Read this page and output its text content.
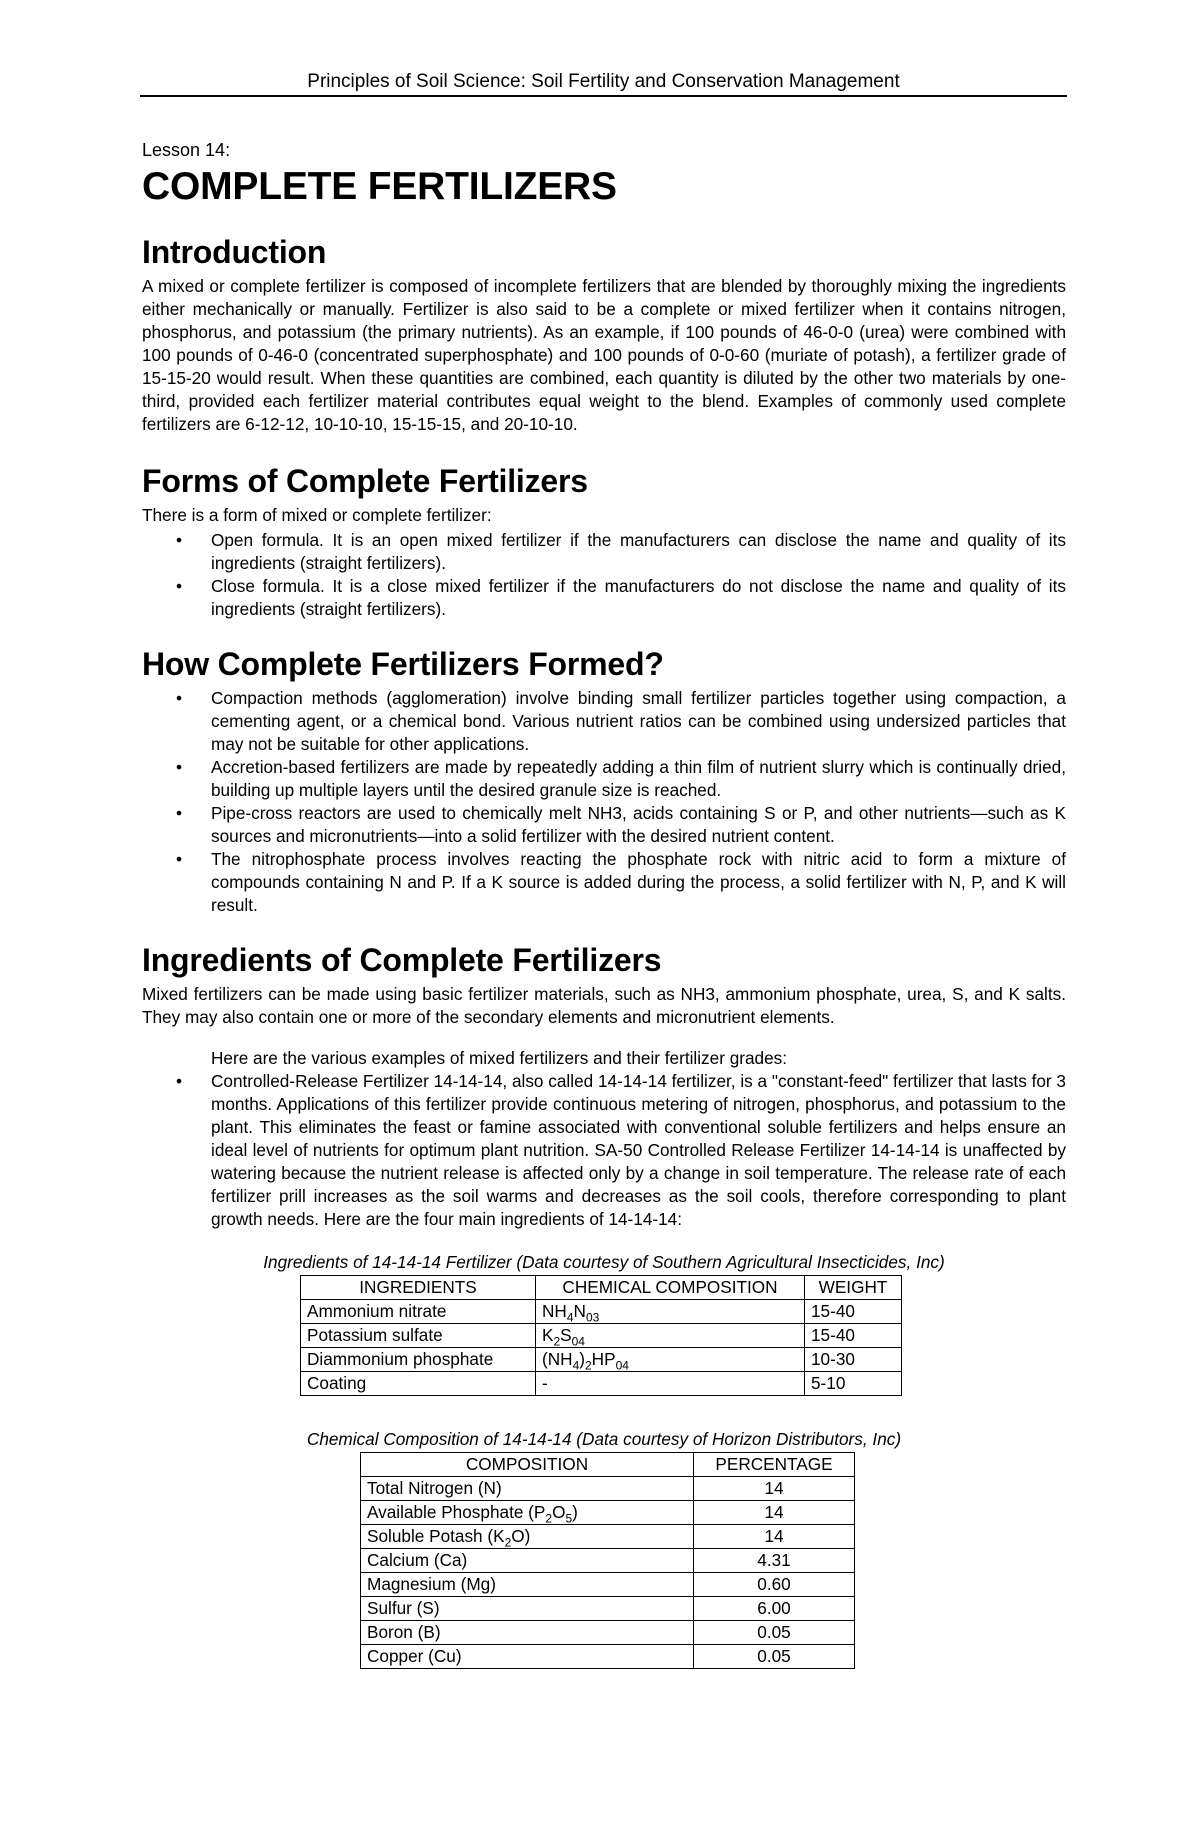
Principles of Soil Science: Soil Fertility and Conservation Management
Lesson 14:
COMPLETE FERTILIZERS
Introduction

A mixed or complete fertilizer is composed of incomplete fertilizers that are blended by thoroughly mixing the ingredients either mechanically or manually. Fertilizer is also said to be a complete or mixed fertilizer when it contains nitrogen, phosphorus, and potassium (the primary nutrients). As an example, if 100 pounds of 46-0-0 (urea) were combined with 100 pounds of 0-46-0 (concentrated superphosphate) and 100 pounds of 0-0-60 (muriate of potash), a fertilizer grade of 15-15-20 would result. When these quantities are combined, each quantity is diluted by the other two materials by one-third, provided each fertilizer material contributes equal weight to the blend. Examples of commonly used complete fertilizers are 6-12-12, 10-10-10, 15-15-15, and 20-10-10.

Forms of Complete Fertilizers

There is a form of mixed or complete fertilizer:

• Open formula. It is an open mixed fertilizer if the manufacturers can disclose the name and quality of its ingredients (straight fertilizers).
• Close formula. It is a close mixed fertilizer if the manufacturers do not disclose the name and quality of its ingredients (straight fertilizers).
How Complete Fertilizers Formed?
• Compaction methods (agglomeration) involve binding small fertilizer particles together using compaction, a cementing agent, or a chemical bond. Various nutrient ratios can be combined using undersized particles that may not be suitable for other applications.
• Accretion-based fertilizers are made by repeatedly adding a thin film of nutrient slurry which is continually dried, building up multiple layers until the desired granule size is reached.
• Pipe-cross reactors are used to chemically melt NH3, acids containing S or P, and other nutrients—such as K sources and micronutrients—into a solid fertilizer with the desired nutrient content.
• The nitrophosphate process involves reacting the phosphate rock with nitric acid to form a mixture of compounds containing N and P. If a K source is added during the process, a solid fertilizer with N, P, and K will result.
Ingredients of Complete Fertilizers

Mixed fertilizers can be made using basic fertilizer materials, such as NH3, ammonium phosphate, urea, S, and K salts. They may also contain one or more of the secondary elements and micronutrient elements.

Here are the various examples of mixed fertilizers and their fertilizer grades:

• Controlled-Release Fertilizer 14-14-14, also called 14-14-14 fertilizer, is a "constant-feed" fertilizer that lasts for 3 months. Applications of this fertilizer provide continuous metering of nitrogen, phosphorus, and potassium to the plant. This eliminates the feast or famine associated with conventional soluble fertilizers and helps ensure an ideal level of nutrients for optimum plant nutrition. SA-50 Controlled Release Fertilizer 14-14-14 is unaffected by watering because the nutrient release is affected only by a change in soil temperature. The release rate of each fertilizer prill increases as the soil warms and decreases as the soil cools, therefore corresponding to plant growth needs. Here are the four main ingredients of 14-14-14:
Ingredients of 14-14-14 Fertilizer (Data courtesy of Southern Agricultural Insecticides, Inc)
INGREDIENTS	CHEMICAL COMPOSITION	WEIGHT
Ammonium nitrate	$NH_4N_{03}$	15-40
Potassium sulfate	$K_2S_{04}$	15-40
Diammonium phosphate	$(NH_4)_2HP_{04}$	10-30
Coating	-	5-10
Chemical Composition of 14-14-14 (Data courtesy of Horizon Distributors, Inc)
COMPOSITION	PERCENTAGE
Total Nitrogen (N)	14
Available Phosphate $(P_2O_5)$	14
Soluble Potash $(K_2O)$	14
Calcium (Ca)	4.31
Magnesium (Mg)	0.60
Sulfur (S)	6.00
Boron (B)	0.05
Copper (Cu)	0.05
